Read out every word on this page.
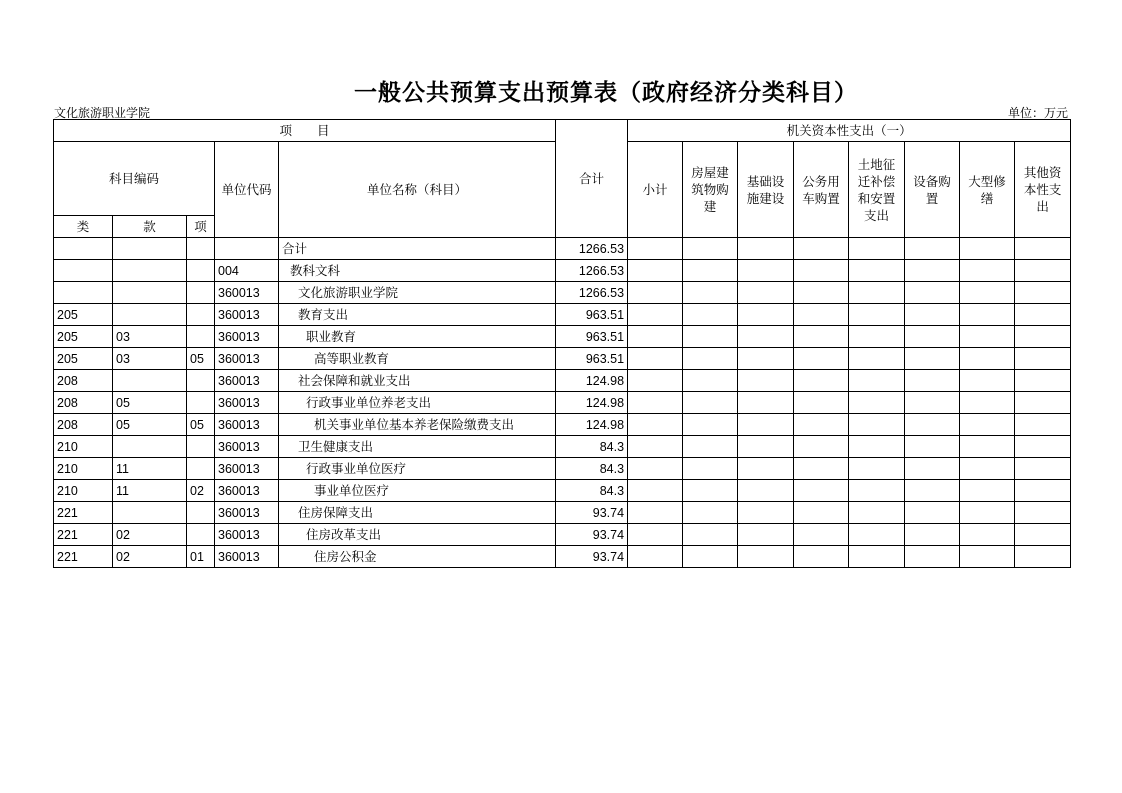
一般公共预算支出预算表（政府经济分类科目）
文化旅游职业学院	单位：万元
项　　目					合计	机关资本性支出（一）							
科目编码			单位代码	单位名称（科目）		小计	房屋建筑物购建	基础设施建设	公务用车购置	土地征迁补偿和安置支出	设备购置	大型修缮	其他资本性支出
类	款	项											
				合计	1266.53								
			004	教科文科	1266.53								
			360013	文化旅游职业学院	1266.53								
205			360013	教育支出	963.51								
205	03		360013	职业教育	963.51								
205	03	05	360013	高等职业教育	963.51								
208			360013	社会保障和就业支出	124.98								
208	05		360013	行政事业单位养老支出	124.98								
208	05	05	360013	机关事业单位基本养老保险缴费支出	124.98								
210			360013	卫生健康支出	84.3								
210	11		360013	行政事业单位医疗	84.3								
210	11	02	360013	事业单位医疗	84.3								
221			360013	住房保障支出	93.74								
221	02		360013	住房改革支出	93.74								
221	02	01	360013	住房公积金	93.74								
